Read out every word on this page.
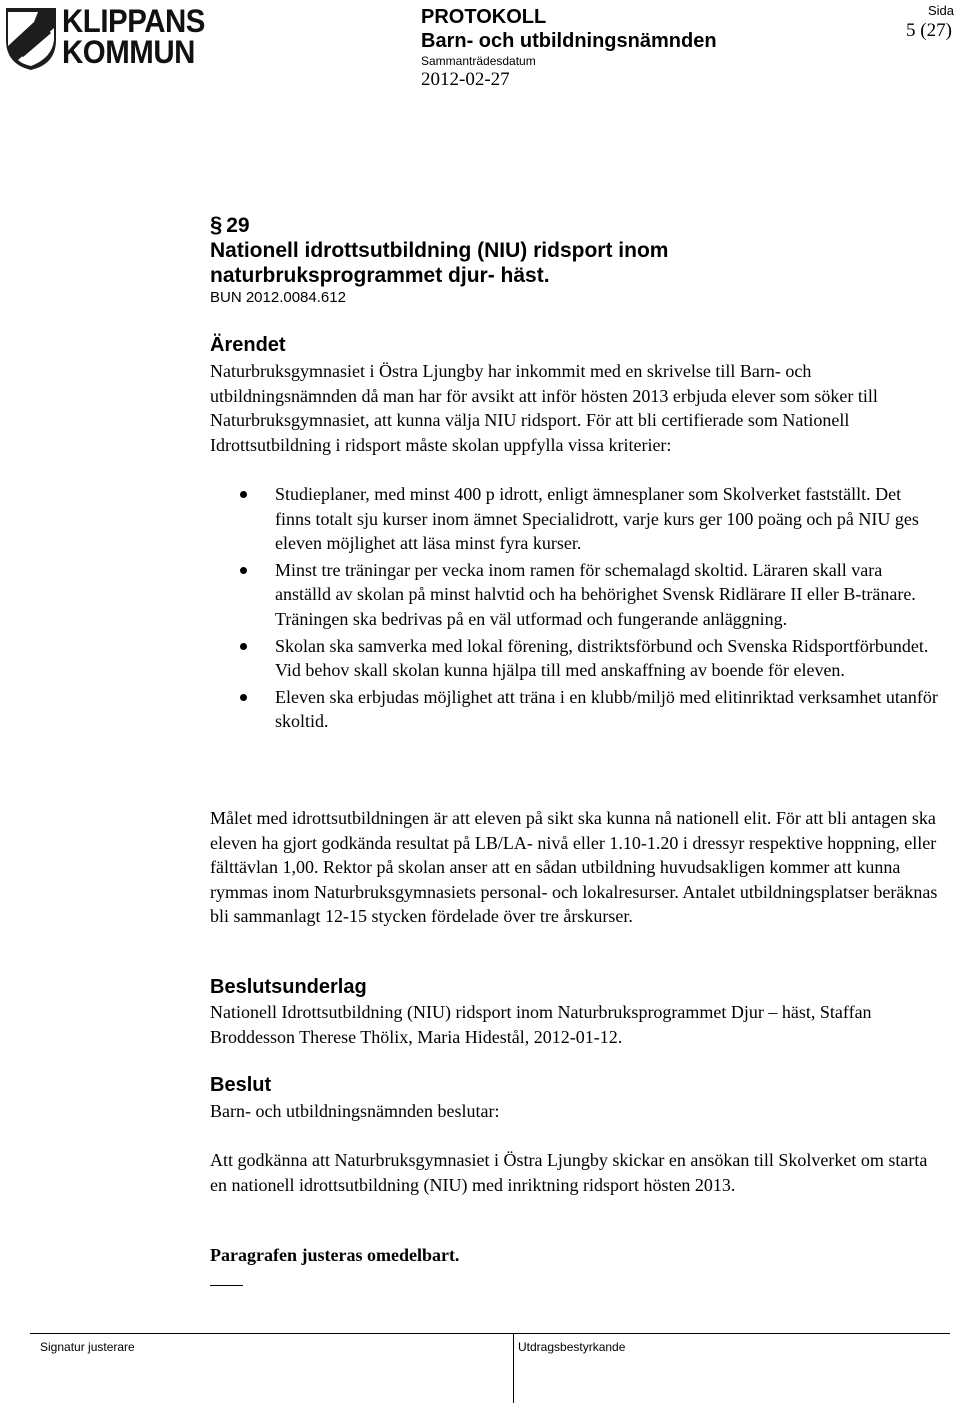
KLIPPANS
KOMMUN
PROTOKOLL
Barn- och utbildningsnämnden
Sammanträdesdatum
2012-02-27
Sida
5 (27)
§ 29
Nationell idrottsutbildning (NIU) ridsport inom
naturbruksprogrammet djur- häst.
BUN 2012.0084.612
Ärendet

Naturbruksgymnasiet i Östra Ljungby har inkommit med en skrivelse till Barn- och utbildningsnämnden då man har för avsikt att inför hösten 2013 erbjuda elever som söker till Naturbruksgymnasiet, att kunna välja NIU ridsport. För att bli certifierade som Nationell Idrottsutbildning i ridsport måste skolan uppfylla vissa kriterier:

Studieplaner, med minst 400 p idrott, enligt ämnesplaner som Skolverket fastställt. Det finns totalt sju kurser inom ämnet Specialidrott, varje kurs ger 100 poäng och på NIU ges eleven möjlighet att läsa minst fyra kurser.
Minst tre träningar per vecka inom ramen för schemalagd skoltid. Läraren skall vara anställd av skolan på minst halvtid och ha behörighet Svensk Ridlärare II eller B-tränare. Träningen ska bedrivas på en väl utformad och fungerande anläggning.
Skolan ska samverka med lokal förening, distriktsförbund och Svenska Ridsportförbundet. Vid behov skall skolan kunna hjälpa till med anskaffning av boende för eleven.
Eleven ska erbjudas möjlighet att träna i en klubb/miljö med elitinriktad verksamhet utanför skoltid.

Målet med idrottsutbildningen är att eleven på sikt ska kunna nå nationell elit. För att bli antagen ska eleven ha gjort godkända resultat på LB/LA- nivå eller 1.10-1.20 i dressyr respektive hoppning, eller fälttävlan 1,00. Rektor på skolan anser att en sådan utbildning huvudsakligen kommer att kunna rymmas inom Naturbruksgymnasiets personal- och lokalresurser. Antalet utbildningsplatser beräknas bli sammanlagt 12-15 stycken fördelade över tre årskurser.

Beslutsunderlag

Nationell Idrottsutbildning (NIU) ridsport inom Naturbruksprogrammet Djur – häst, Staffan Broddesson Therese Thölix, Maria Hidestål, 2012-01-12.

Beslut

Barn- och utbildningsnämnden beslutar:

Att godkänna att Naturbruksgymnasiet i Östra Ljungby skickar en ansökan till Skolverket om starta en nationell idrottsutbildning (NIU) med inriktning ridsport hösten 2013.

Paragrafen justeras omedelbart.
Signatur justerare	Utdragsbestyrkande
